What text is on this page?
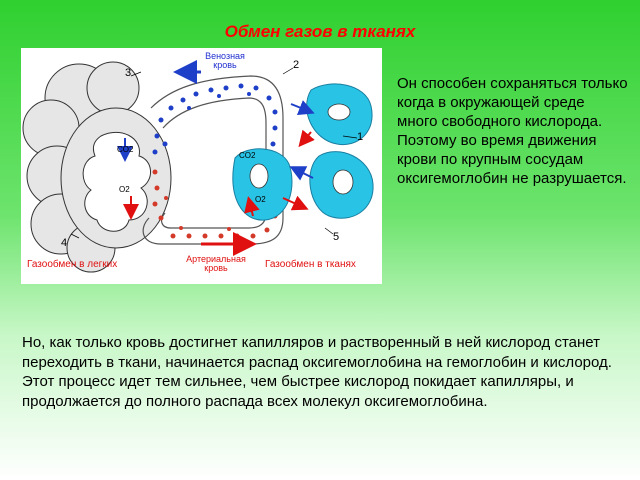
Обмен газов в тканях
Венозная кровь
Артериальная кровь
Газообмен в легких	Газообмен в тканях
1
2
3
4	5
CO2
O2
CO2
O2
Он способен сохраняться только когда в окружающей среде много свободного кислорода. Поэтому во время движения крови по крупным сосудам оксигемоглобин не разрушается.
Но, как только кровь достигнет капилляров и растворенный в ней кислород станет переходить в ткани, начинается распад оксигемоглобина на гемоглобин и кислород. Этот процесс идет тем сильнее, чем быстрее кислород покидает капилляры, и продолжается до полного распада всех молекул оксигемоглобина.
